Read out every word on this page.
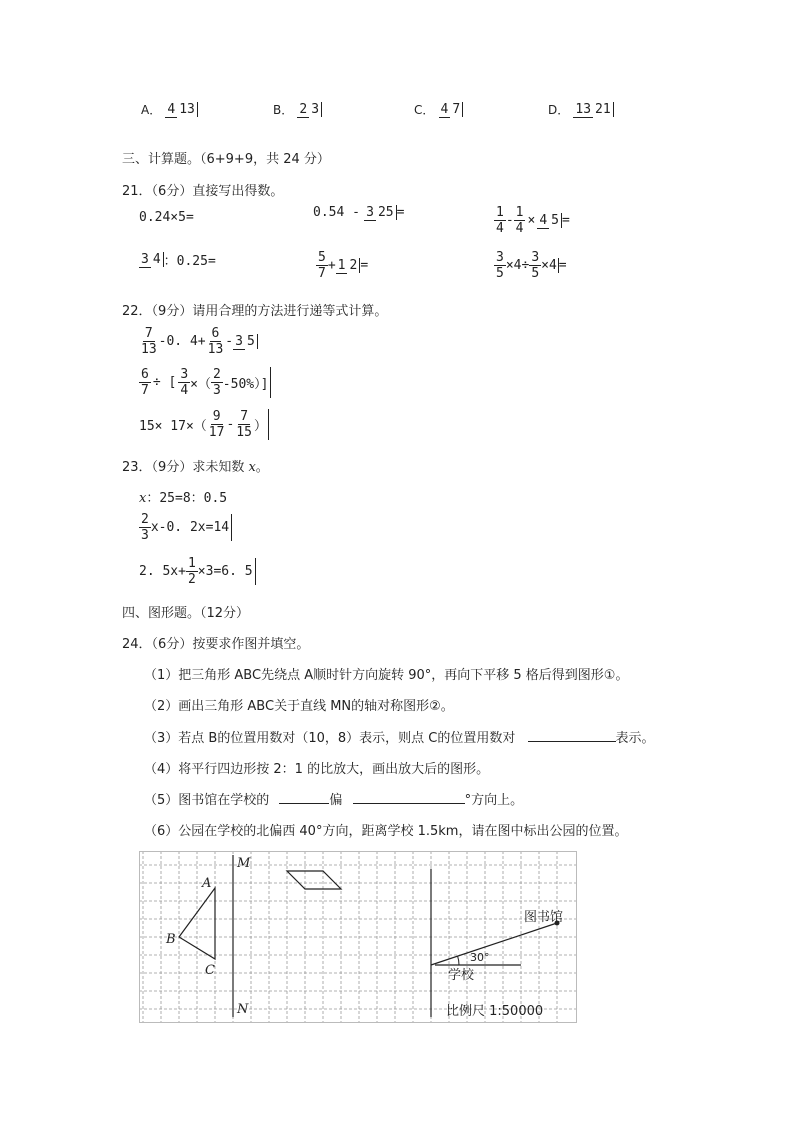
A． 4 13	B． 2 3	C． 4 7	D． 13 21
三、计算题。（6+9+9，共 24 分）
21．（6分）直接写出得数。
0.24×5=	0.54 - 3 25 =	$\frac{1}{4} - \frac{1}{4} \times 4$ 5 =
3 4 ：0.25=	$\frac{5}{7} + 1$ 2 =	$\frac{3}{5} \times 4\div \frac{3}{5} \times 4$ =
22．（9分）请用合理的方法进行递等式计算。
$\frac{7}{13} -0$. $4+ \frac{6}{13} - 3$ 5
$\frac{6}{7}$ ÷ [ $\frac{3}{4}$ ×（ $\frac{2}{3} -50\%$）]
$15\times 17\times( \frac{9}{17} - \frac{7}{15}$ ）
23．（9分）求未知数 x。
x：25=8：0.5
$\frac{2}{3} x-0$. 2x=14
2. $5x+ \frac{1}{2} \times 3=6$. 5
四、图形题。（12分）
24．（6分）按要求作图并填空。
（1）把三角形 ABC先绕点 A顺时针方向旋转 90°，再向下平移 5 格后得到图形①。
（2）画出三角形 ABC关于直线 MN的轴对称图形②。
（3）若点 B的位置用数对（10，8）表示，则点 C的位置用数对	表示。
（4）将平行四边形按 2：1 的比放大，画出放大后的图形。
（5）图书馆在学校的	偏	°方向上。
（6）公园在学校的北偏西 40°方向，距离学校 1.5km，请在图中标出公园的位置。
M
N
A
B
C
图书馆
学校
30°
比例尺 1:50000
